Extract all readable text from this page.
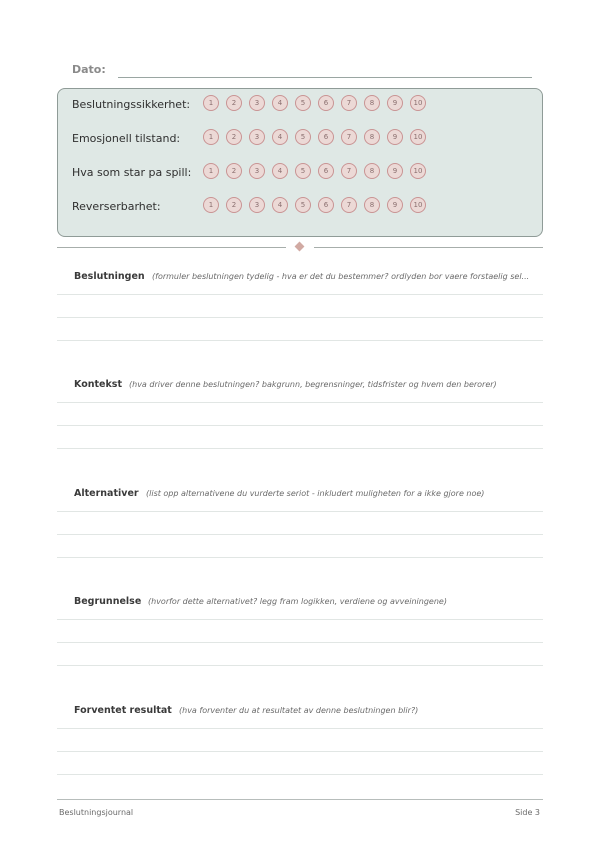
Dato:
Beslutningssikkerhet:	1	2	3	4	5	6	7	8	9	10
Emosjonell tilstand:	1	2	3	4	5	6	7	8	9	10
Hva som star pa spill:	1	2	3	4	5	6	7	8	9	10
Reverserbarhet:	1	2	3	4	5	6	7	8	9	10
Beslutningen (formuler beslutningen tydelig - hva er det du bestemmer? ordlyden bor vaere forstaelig sel...
Kontekst (hva driver denne beslutningen? bakgrunn, begrensninger, tidsfrister og hvem den berorer)
Alternativer (list opp alternativene du vurderte seriot - inkludert muligheten for a ikke gjore noe)
Begrunnelse (hvorfor dette alternativet? legg fram logikken, verdiene og avveiningene)
Forventet resultat (hva forventer du at resultatet av denne beslutningen blir?)
Beslutningsjournal	Side 3
